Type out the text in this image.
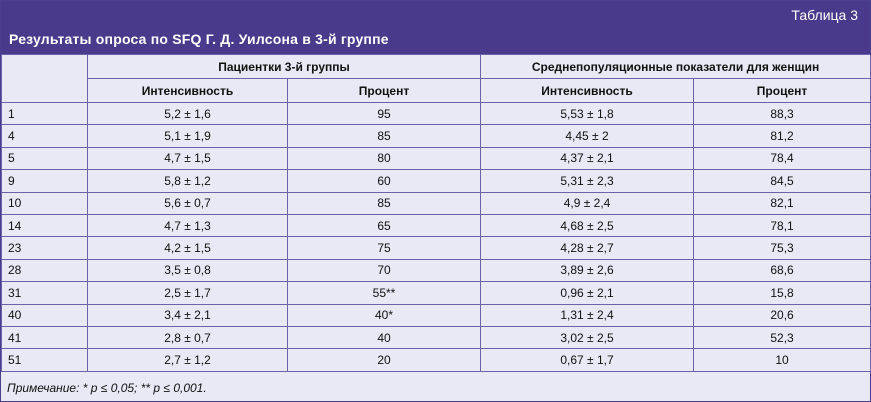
Таблица 3
Результаты опроса по SFQ Г. Д. Уилсона в 3-й группе
	Пациентки 3-й группы		Среднепопуляционные показатели для женщин	
	Интенсивность	Процент	Интенсивность	Процент
1	5,2 ± 1,6	95	5,53 ± 1,8	88,3
4	5,1 ± 1,9	85	4,45 ± 2	81,2
5	4,7 ± 1,5	80	4,37 ± 2,1	78,4
9	5,8 ± 1,2	60	5,31 ± 2,3	84,5
10	5,6 ± 0,7	85	4,9 ± 2,4	82,1
14	4,7 ± 1,3	65	4,68 ± 2,5	78,1
23	4,2 ± 1,5	75	4,28 ± 2,7	75,3
28	3,5 ± 0,8	70	3,89 ± 2,6	68,6
31	2,5 ± 1,7	55**	0,96 ± 2,1	15,8
40	3,4 ± 2,1	40*	1,31 ± 2,4	20,6
41	2,8 ± 0,7	40	3,02 ± 2,5	52,3
51	2,7 ± 1,2	20	0,67 ± 1,7	10
Примечание: * p ≤ 0,05; ** p ≤ 0,001.
